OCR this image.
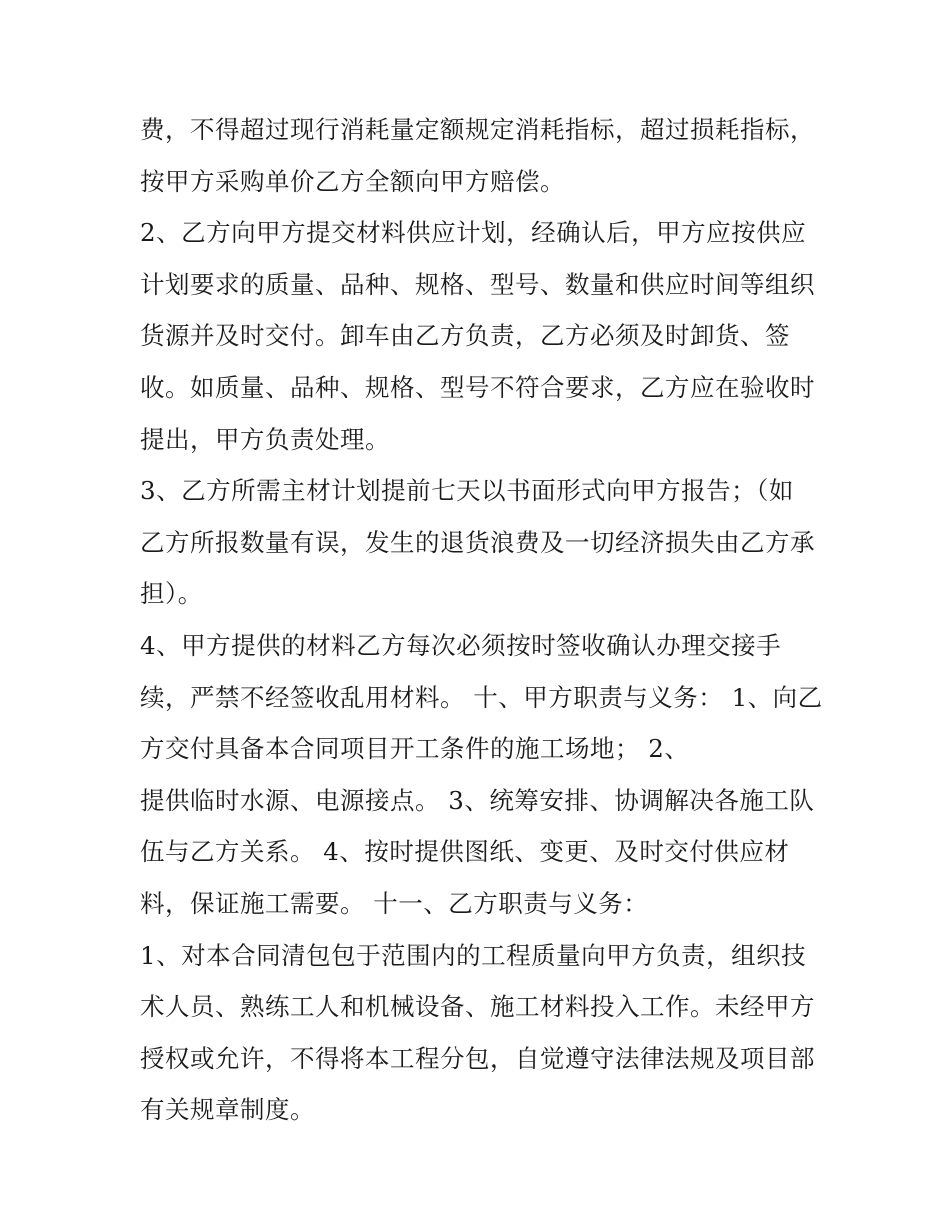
费，不得超过现行消耗量定额规定消耗指标，超过损耗指标，
按甲方采购单价乙方全额向甲方赔偿。
2、乙方向甲方提交材料供应计划，经确认后，甲方应按供应
计划要求的质量、品种、规格、型号、数量和供应时间等组织
货源并及时交付。卸车由乙方负责，乙方必须及时卸货、签
收。如质量、品种、规格、型号不符合要求，乙方应在验收时
提出，甲方负责处理。
3、乙方所需主材计划提前七天以书面形式向甲方报告；（如
乙方所报数量有误，发生的退货浪费及一切经济损失由乙方承
担）。
4、甲方提供的材料乙方每次必须按时签收确认办理交接手
续，严禁不经签收乱用材料。 十、甲方职责与义务： 1、向乙
方交付具备本合同项目开工条件的施工场地； 2、
提供临时水源、电源接点。 3、统筹安排、协调解决各施工队
伍与乙方关系。 4、按时提供图纸、变更、及时交付供应材
料，保证施工需要。 十一、乙方职责与义务：
1、对本合同清包包于范围内的工程质量向甲方负责，组织技
术人员、熟练工人和机械设备、施工材料投入工作。未经甲方
授权或允许，不得将本工程分包，自觉遵守法律法规及项目部
有关规章制度。
